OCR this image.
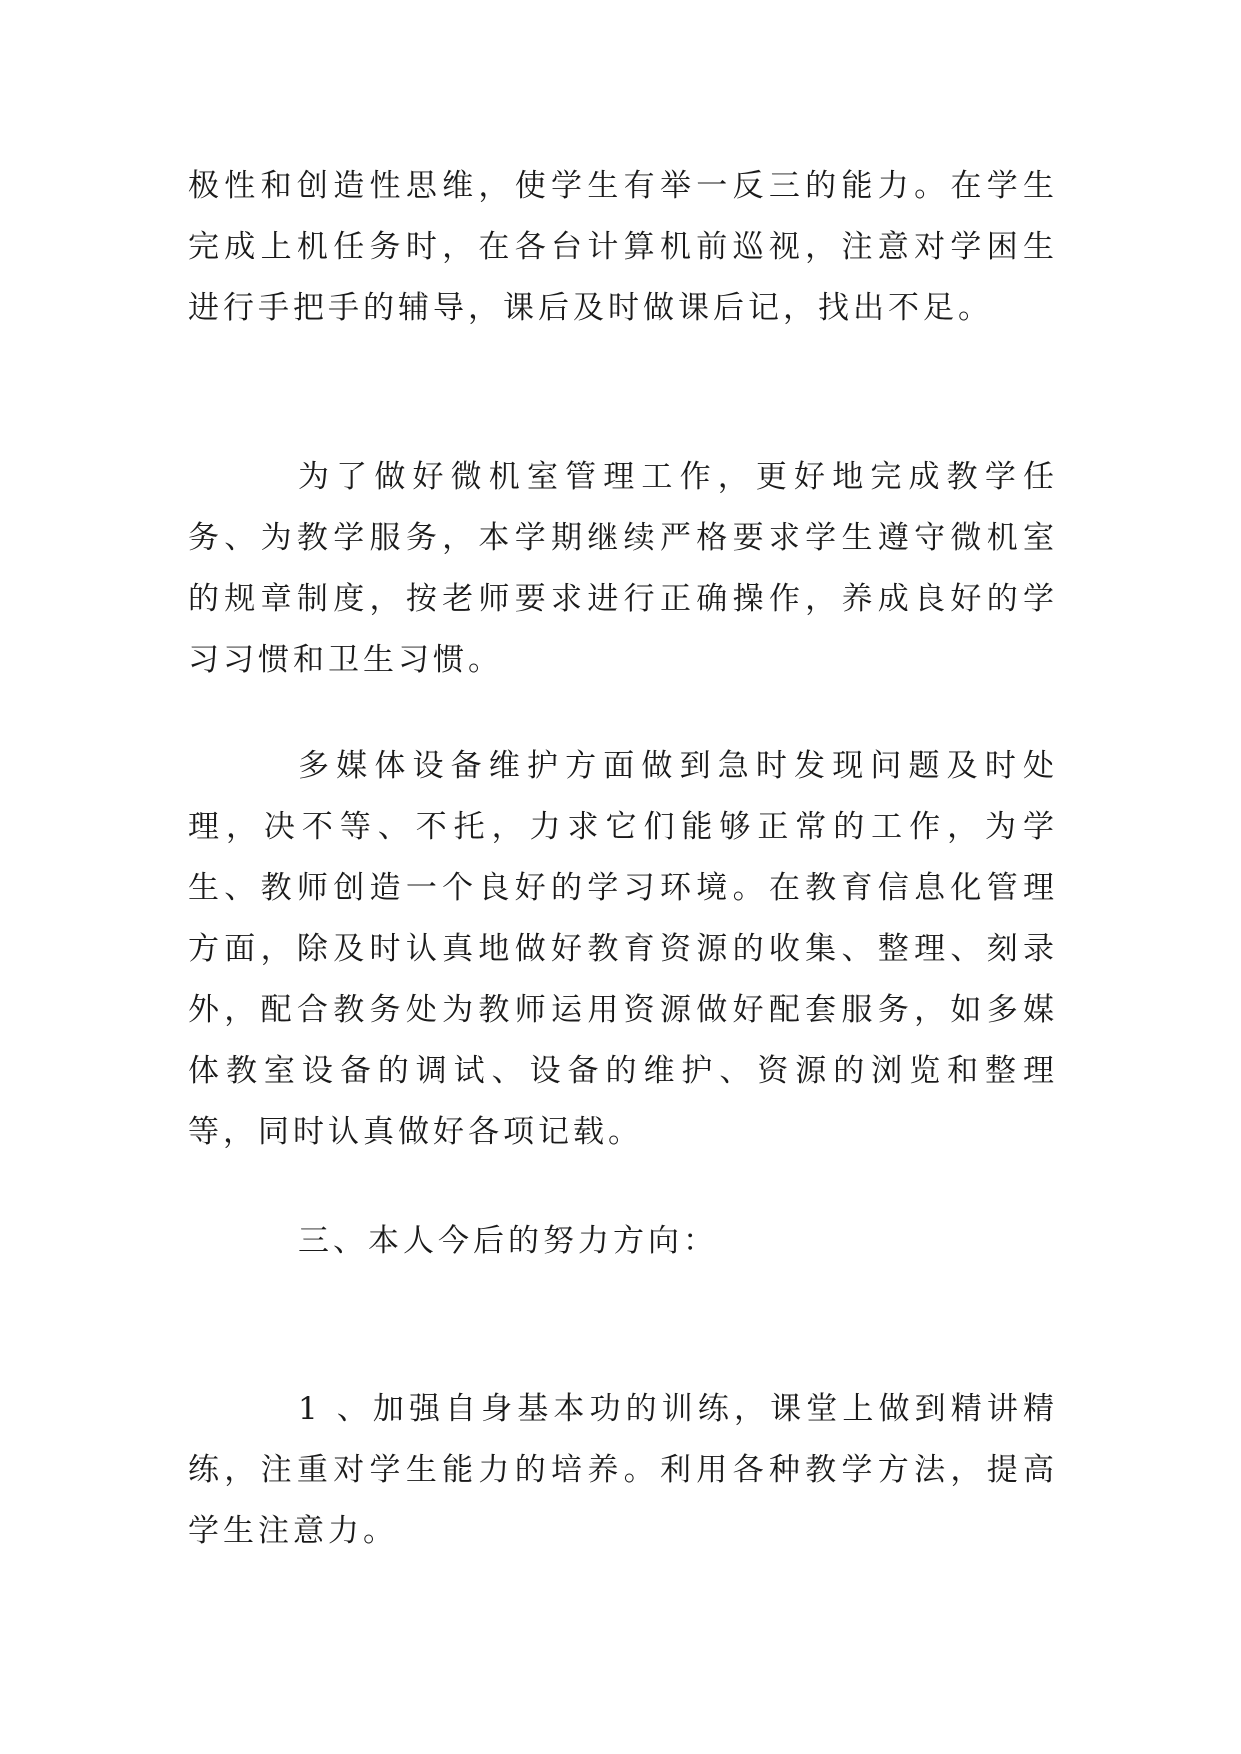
极性和创造性思维，使学生有举一反三的能力。在学生完成上机任务时，在各台计算机前巡视，注意对学困生进行手把手的辅导，课后及时做课后记，找出不足。

为了做好微机室管理工作，更好地完成教学任务、为教学服务，本学期继续严格要求学生遵守微机室的规章制度，按老师要求进行正确操作，养成良好的学习习惯和卫生习惯。

多媒体设备维护方面做到急时发现问题及时处理，决不等、不托，力求它们能够正常的工作，为学生、教师创造一个良好的学习环境。在教育信息化管理方面，除及时认真地做好教育资源的收集、整理、刻录外，配合教务处为教师运用资源做好配套服务，如多媒体教室设备的调试、设备的维护、资源的浏览和整理等，同时认真做好各项记载。

三、本人今后的努力方向：

1 、加强自身基本功的训练，课堂上做到精讲精练，注重对学生能力的培养。利用各种教学方法，提高学生注意力。
